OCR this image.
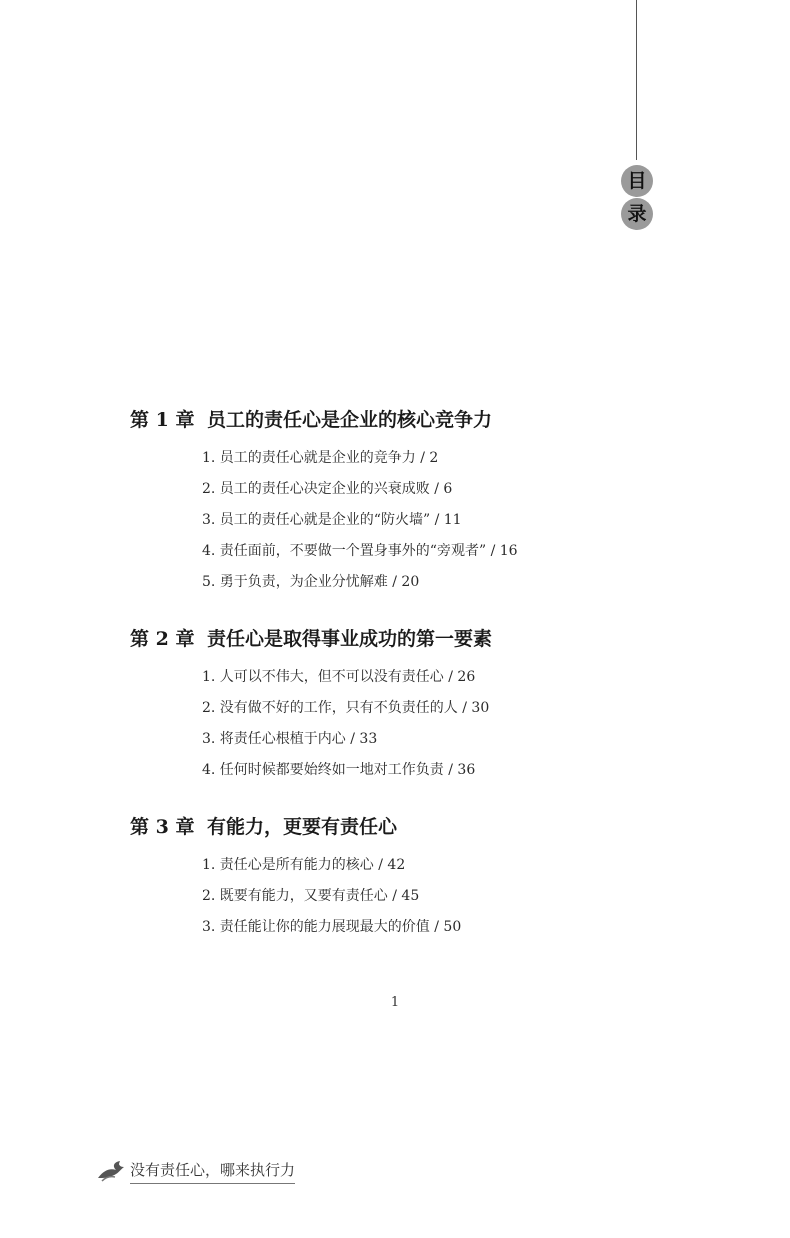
目
录
第 1 章 员工的责任心是企业的核心竞争力
1. 员工的责任心就是企业的竞争力 / 2
2. 员工的责任心决定企业的兴衰成败 / 6
3. 员工的责任心就是企业的“防火墙” / 11
4. 责任面前，不要做一个置身事外的“旁观者” / 16
5. 勇于负责，为企业分忧解难 / 20
第 2 章 责任心是取得事业成功的第一要素
1. 人可以不伟大，但不可以没有责任心 / 26
2. 没有做不好的工作，只有不负责任的人 / 30
3. 将责任心根植于内心 / 33
4. 任何时候都要始终如一地对工作负责 / 36
第 3 章 有能力，更要有责任心
1. 责任心是所有能力的核心 / 42
2. 既要有能力，又要有责任心 / 45
3. 责任能让你的能力展现最大的价值 / 50
1
没有责任心，哪来执行力
